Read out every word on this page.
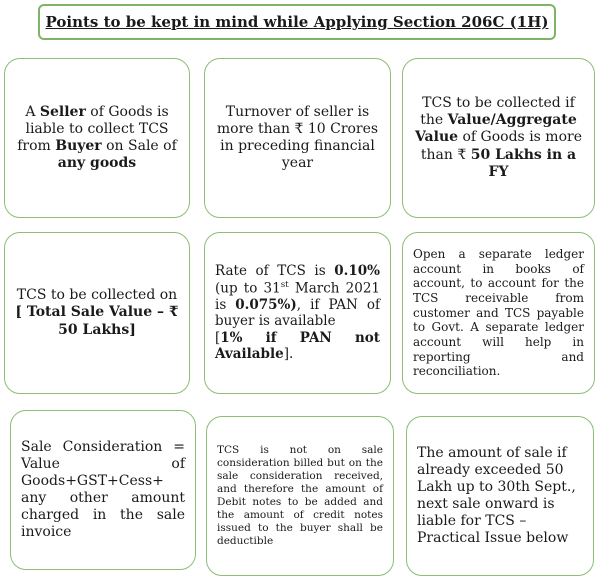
Points to be kept in mind while Applying Section 206C (1H)

A Seller of Goods is liable to collect TCS from Buyer on Sale of any goods

Turnover of seller is more than ₹ 10 Crores in preceding financial year

TCS to be collected if the Value/Aggregate Value of Goods is more than ₹ 50 Lakhs in a FY

TCS to be collected on [ Total Sale Value – ₹ 50 Lakhs]

Rate of TCS is 0.10% (up to 31st March 2021 is 0.075%), if PAN of buyer is available
[1% if PAN not Available].

Open a separate ledger account in books of account, to account for the TCS receivable from customer and TCS payable to Govt. A separate ledger account will help in reporting and reconciliation.

Sale Consideration = Value of Goods+GST+Cess+ any other amount charged in the sale invoice

TCS is not on sale consideration billed but on the sale consideration received, and therefore the amount of Debit notes to be added and the amount of credit notes issued to the buyer shall be deductible

The amount of sale if already exceeded 50 Lakh up to 30th Sept., next sale onward is liable for TCS – Practical Issue below
